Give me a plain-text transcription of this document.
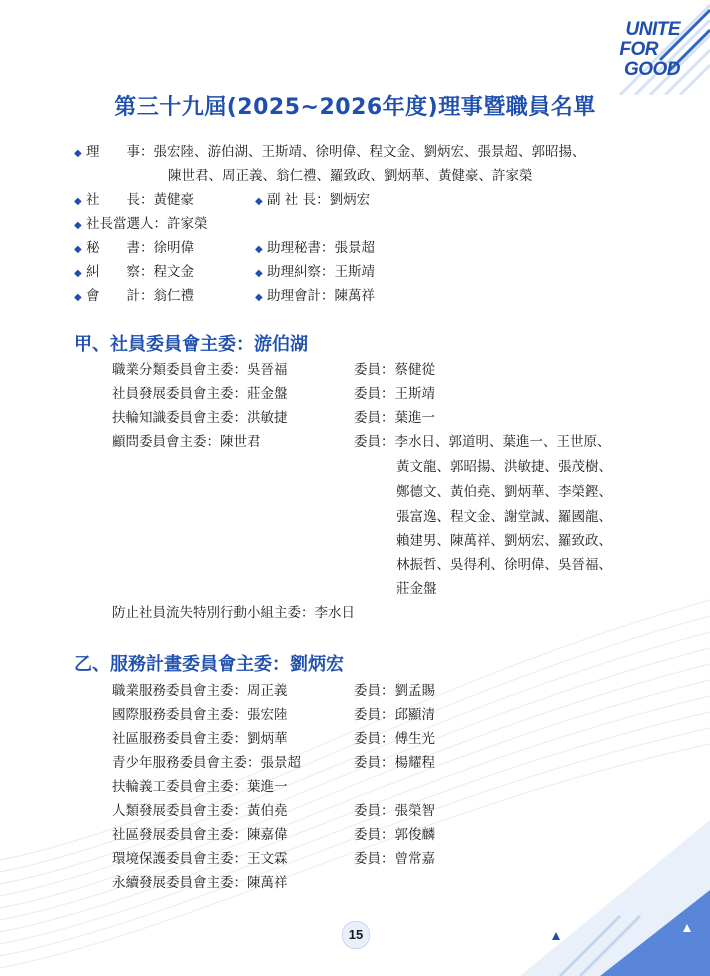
UNITE
FOR
GOOD
第三十九屆(2025~2026年度)理事暨職員名單
◆ 理　　事：張宏陸、游伯湖、王斯靖、徐明偉、程文金、劉炳宏、張景超、郭昭揚、
陳世君、周正義、翁仁禮、羅致政、劉炳華、黃健豪、許家榮
◆ 社　　長：黃健豪	◆ 副 社 長：劉炳宏
◆ 社長當選人：許家榮
◆ 秘　　書：徐明偉	◆ 助理秘書：張景超
◆ 糾　　察：程文金	◆ 助理糾察：王斯靖
◆ 會　　計：翁仁禮	◆ 助理會計：陳萬祥
甲、社員委員會主委：游伯湖
職業分類委員會主委：吳晉福	委員：蔡健從
社員發展委員會主委：莊金盤	委員：王斯靖
扶輪知識委員會主委：洪敏捷	委員：葉進一
顧問委員會主委：陳世君	委員：李水日、郭道明、葉進一、王世原、
黃文龍、郭昭揚、洪敏捷、張茂樹、
鄭德文、黃伯堯、劉炳華、李榮鏗、
張富逸、程文金、謝堂誠、羅國龍、
賴建男、陳萬祥、劉炳宏、羅致政、
林振哲、吳得利、徐明偉、吳晉福、
莊金盤
防止社員流失特別行動小組主委：李水日
乙、服務計畫委員會主委：劉炳宏
職業服務委員會主委：周正義	委員：劉孟賜
國際服務委員會主委：張宏陸	委員：邱顯清
社區服務委員會主委：劉炳華	委員：傅生光
青少年服務委員會主委：張景超	委員：楊耀程
扶輪義工委員會主委：葉進一
人類發展委員會主委：黃伯堯	委員：張榮智
社區發展委員會主委：陳嘉偉	委員：郭俊麟
環境保護委員會主委：王文霖	委員：曾常嘉
永續發展委員會主委：陳萬祥
15
